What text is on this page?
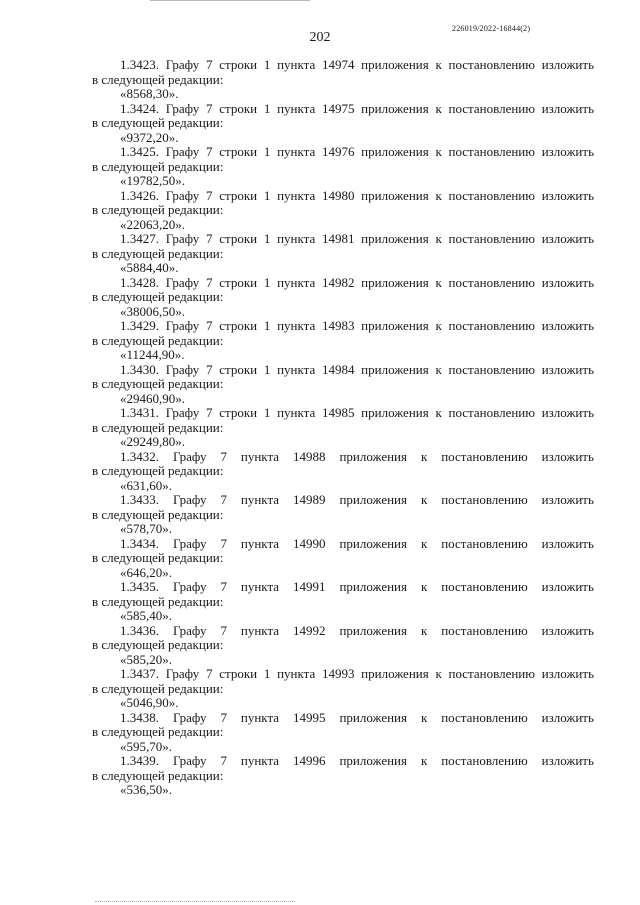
226019/2022-16844(2)
202
1.3423. Графу 7 строки 1 пункта 14974 приложения к постановлению изложить
в следующей редакции:
«8568,30».
1.3424. Графу 7 строки 1 пункта 14975 приложения к постановлению изложить
в следующей редакции:
«9372,20».
1.3425. Графу 7 строки 1 пункта 14976 приложения к постановлению изложить
в следующей редакции:
«19782,50».
1.3426. Графу 7 строки 1 пункта 14980 приложения к постановлению изложить
в следующей редакции:
«22063,20».
1.3427. Графу 7 строки 1 пункта 14981 приложения к постановлению изложить
в следующей редакции:
«5884,40».
1.3428. Графу 7 строки 1 пункта 14982 приложения к постановлению изложить
в следующей редакции:
«38006,50».
1.3429. Графу 7 строки 1 пункта 14983 приложения к постановлению изложить
в следующей редакции:
«11244,90».
1.3430. Графу 7 строки 1 пункта 14984 приложения к постановлению изложить
в следующей редакции:
«29460,90».
1.3431. Графу 7 строки 1 пункта 14985 приложения к постановлению изложить
в следующей редакции:
«29249,80».
1.3432. Графу 7 пункта 14988 приложения к постановлению изложить
в следующей редакции:
«631,60».
1.3433. Графу 7 пункта 14989 приложения к постановлению изложить
в следующей редакции:
«578,70».
1.3434. Графу 7 пункта 14990 приложения к постановлению изложить
в следующей редакции:
«646,20».
1.3435. Графу 7 пункта 14991 приложения к постановлению изложить
в следующей редакции:
«585,40».
1.3436. Графу 7 пункта 14992 приложения к постановлению изложить
в следующей редакции:
«585,20».
1.3437. Графу 7 строки 1 пункта 14993 приложения к постановлению изложить
в следующей редакции:
«5046,90».
1.3438. Графу 7 пункта 14995 приложения к постановлению изложить
в следующей редакции:
«595,70».
1.3439. Графу 7 пункта 14996 приложения к постановлению изложить
в следующей редакции:
«536,50».
